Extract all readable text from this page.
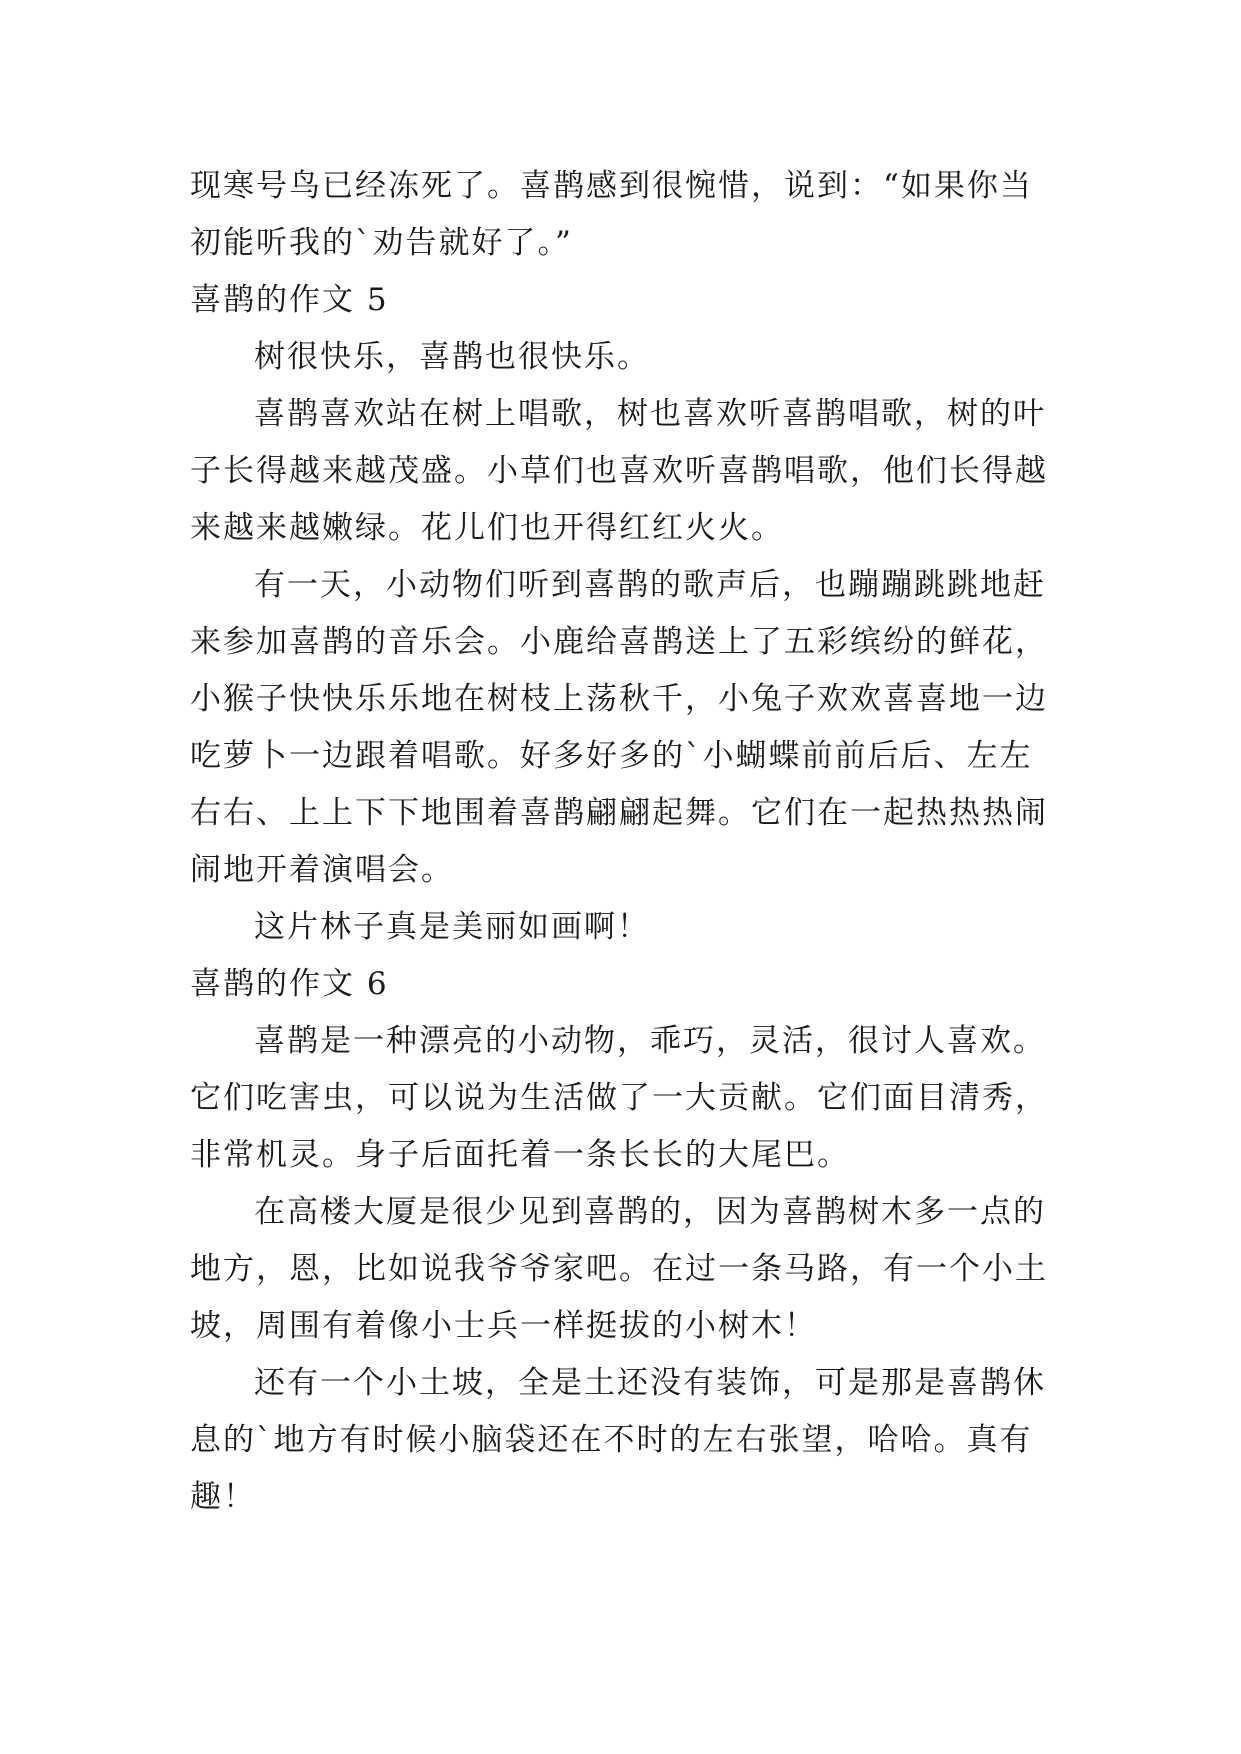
现寒号鸟已经冻死了。喜鹊感到很惋惜，说到：“如果你当初能听我的`劝告就好了。”

喜鹊的作文 5

树很快乐，喜鹊也很快乐。

喜鹊喜欢站在树上唱歌，树也喜欢听喜鹊唱歌，树的叶子长得越来越茂盛。小草们也喜欢听喜鹊唱歌，他们长得越来越来越嫩绿。花儿们也开得红红火火。

有一天，小动物们听到喜鹊的歌声后，也蹦蹦跳跳地赶来参加喜鹊的音乐会。小鹿给喜鹊送上了五彩缤纷的鲜花，小猴子快快乐乐地在树枝上荡秋千，小兔子欢欢喜喜地一边吃萝卜一边跟着唱歌。好多好多的`小蝴蝶前前后后、左左右右、上上下下地围着喜鹊翩翩起舞。它们在一起热热热闹闹地开着演唱会。

这片林子真是美丽如画啊！

喜鹊的作文 6

喜鹊是一种漂亮的小动物，乖巧，灵活，很讨人喜欢。它们吃害虫，可以说为生活做了一大贡献。它们面目清秀，非常机灵。身子后面托着一条长长的大尾巴。

在高楼大厦是很少见到喜鹊的，因为喜鹊树木多一点的地方，恩，比如说我爷爷家吧。在过一条马路，有一个小土坡，周围有着像小士兵一样挺拔的小树木！

还有一个小土坡，全是土还没有装饰，可是那是喜鹊休息的`地方有时候小脑袋还在不时的左右张望，哈哈。真有趣！
